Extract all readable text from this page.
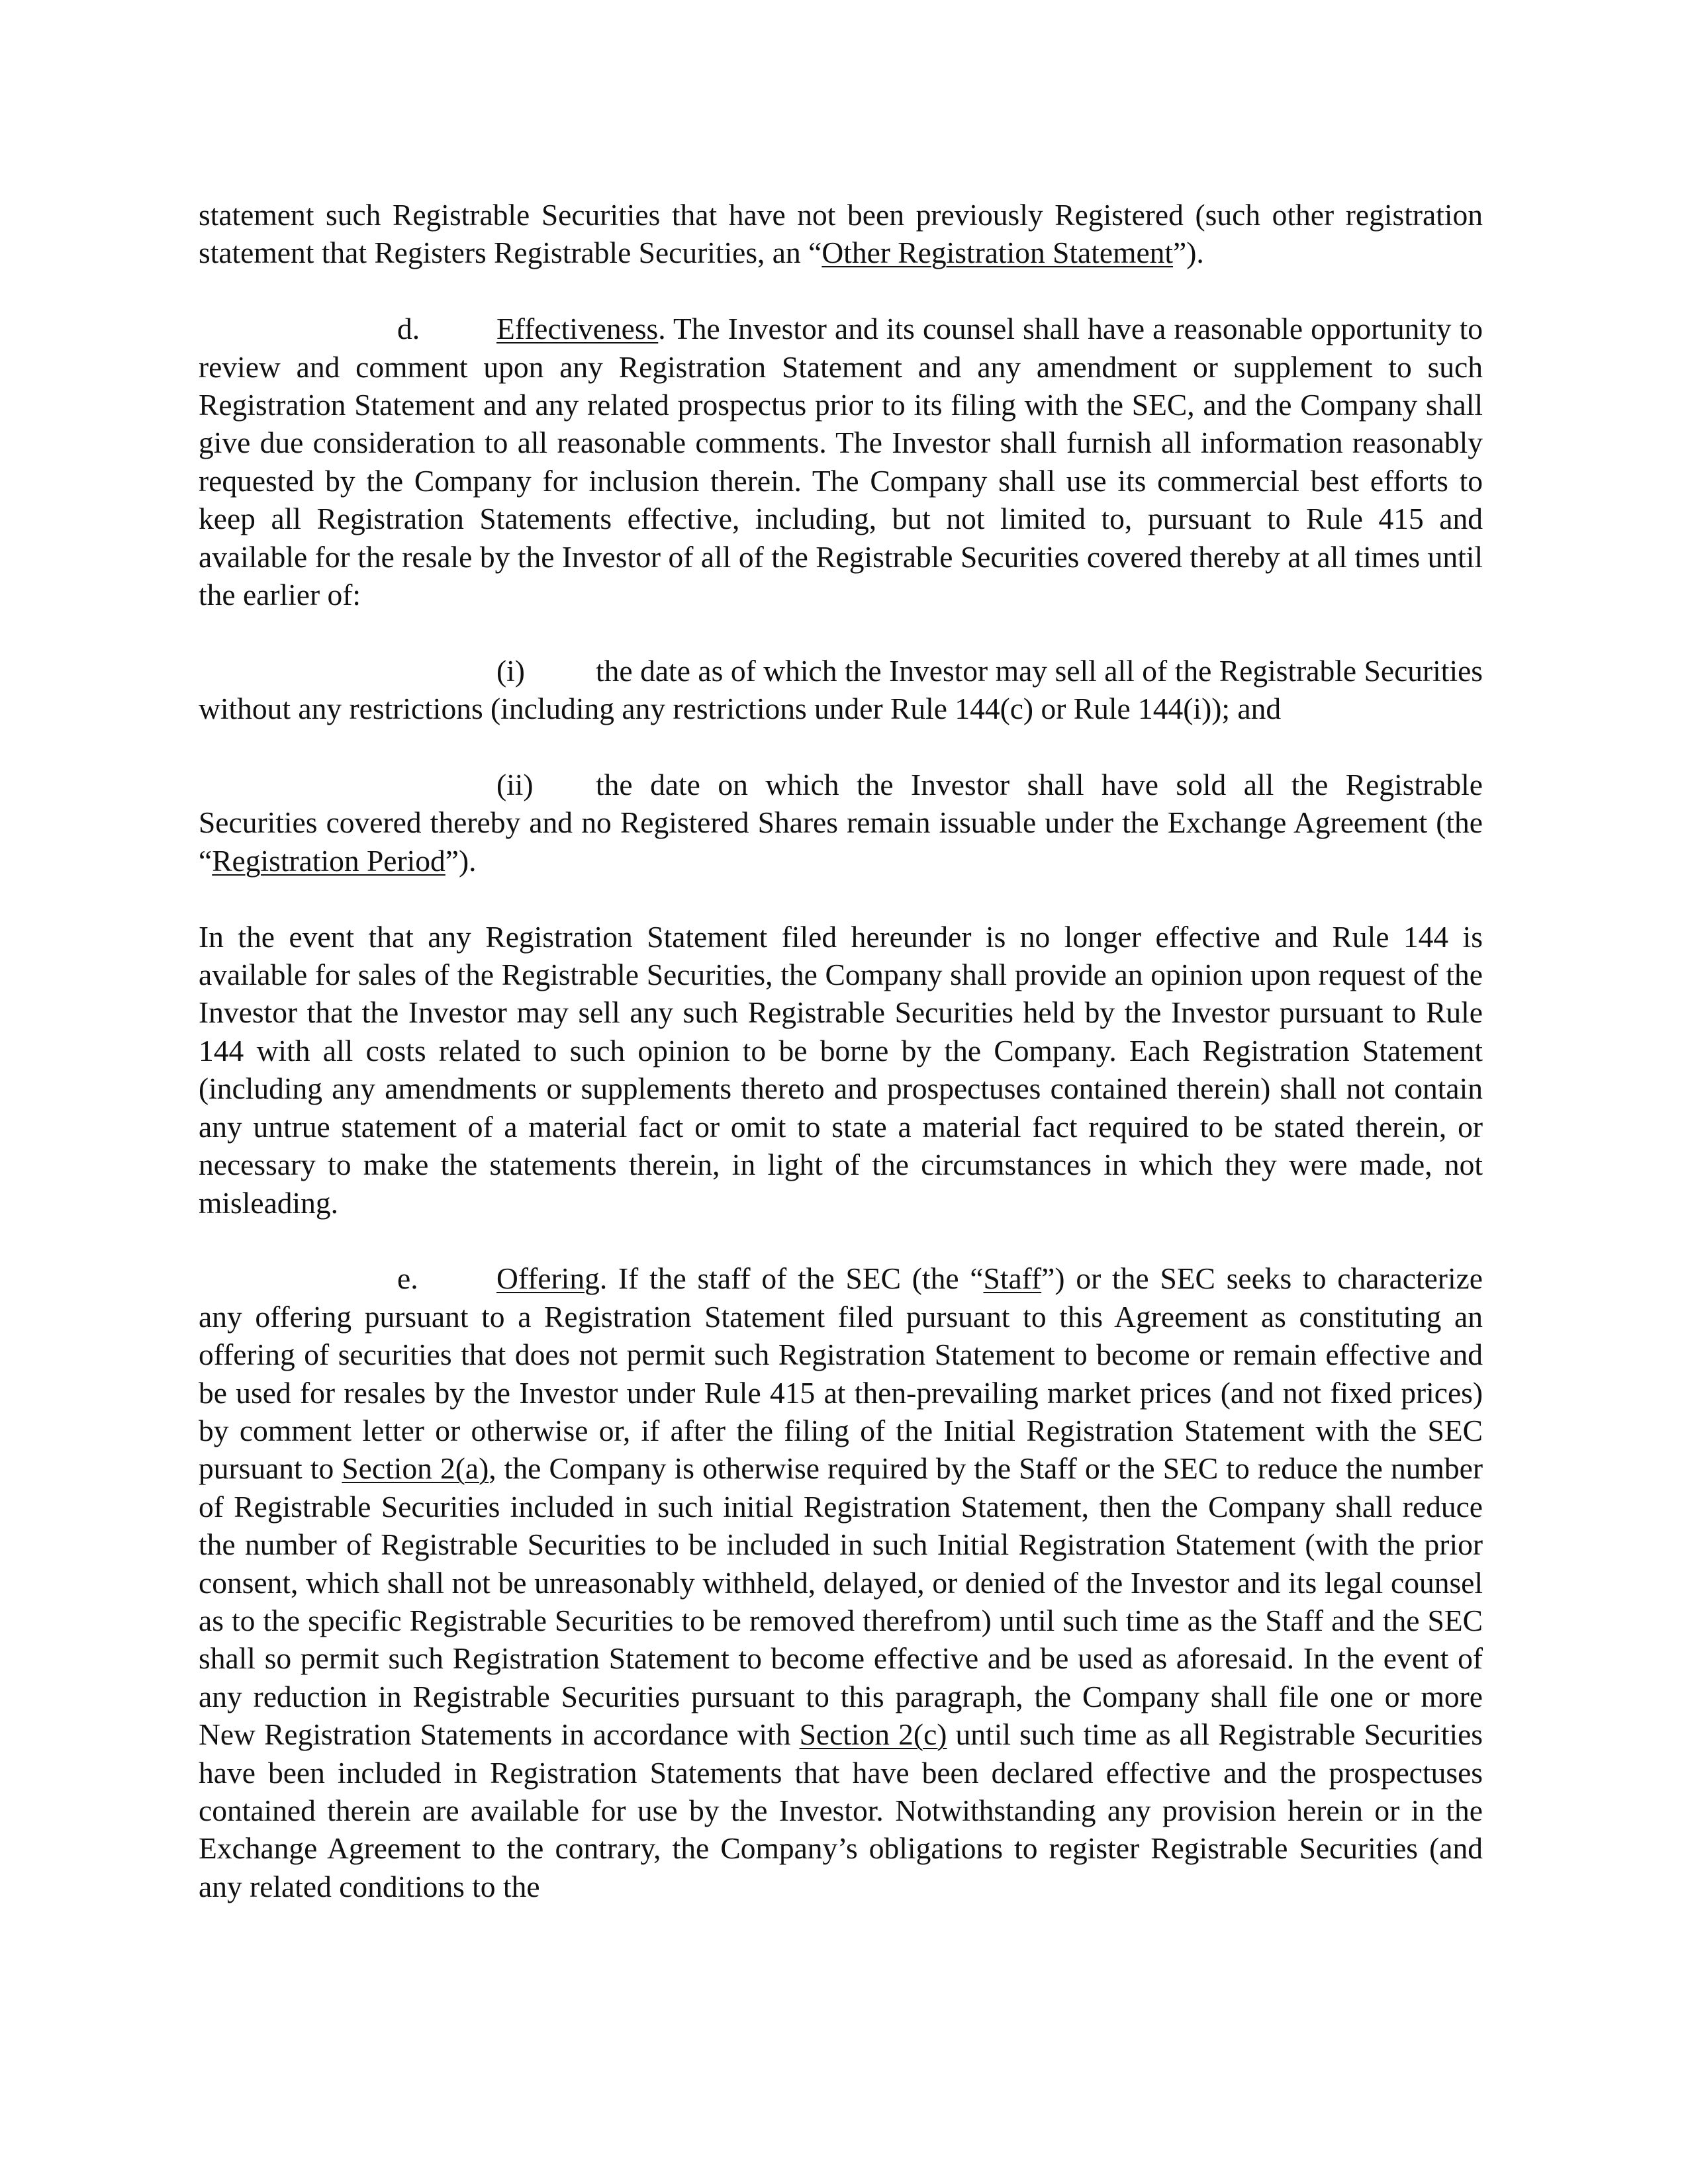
statement such Registrable Securities that have not been previously Registered (such other registration statement that Registers Registrable Securities, an “Other Registration Statement”).

d.	Effectiveness. The Investor and its counsel shall have a reasonable opportunity to review and comment upon any Registration Statement and any amendment or supplement to such Registration Statement and any related prospectus prior to its filing with the SEC, and the Company shall give due consideration to all reasonable comments. The Investor shall furnish all information reasonably requested by the Company for inclusion therein. The Company shall use its commercial best efforts to keep all Registration Statements effective, including, but not limited to, pursuant to Rule 415 and available for the resale by the Investor of all of the Registrable Securities covered thereby at all times until the earlier of:

(i) the date as of which the Investor may sell all of the Registrable Securities without any restrictions (including any restrictions under Rule 144(c) or Rule 144(i)); and

(ii) the date on which the Investor shall have sold all the Registrable Securities covered thereby and no Registered Shares remain issuable under the Exchange Agreement (the “Registration Period”).

In the event that any Registration Statement filed hereunder is no longer effective and Rule 144 is available for sales of the Registrable Securities, the Company shall provide an opinion upon request of the Investor that the Investor may sell any such Registrable Securities held by the Investor pursuant to Rule 144 with all costs related to such opinion to be borne by the Company. Each Registration Statement (including any amendments or supplements thereto and prospectuses contained therein) shall not contain any untrue statement of a material fact or omit to state a material fact required to be stated therein, or necessary to make the statements therein, in light of the circumstances in which they were made, not misleading.

e.	Offering. If the staff of the SEC (the “Staff”) or the SEC seeks to characterize any offering pursuant to a Registration Statement filed pursuant to this Agreement as constituting an offering of securities that does not permit such Registration Statement to become or remain effective and be used for resales by the Investor under Rule 415 at then-prevailing market prices (and not fixed prices) by comment letter or otherwise or, if after the filing of the Initial Registration Statement with the SEC pursuant to Section 2(a), the Company is otherwise required by the Staff or the SEC to reduce the number of Registrable Securities included in such initial Registration Statement, then the Company shall reduce the number of Registrable Securities to be included in such Initial Registration Statement (with the prior consent, which shall not be unreasonably withheld, delayed, or denied of the Investor and its legal counsel as to the specific Registrable Securities to be removed therefrom) until such time as the Staff and the SEC shall so permit such Registration Statement to become effective and be used as aforesaid. In the event of any reduction in Registrable Securities pursuant to this paragraph, the Company shall file one or more New Registration Statements in accordance with Section 2(c) until such time as all Registrable Securities have been included in Registration Statements that have been declared effective and the prospectuses contained therein are available for use by the Investor. Notwithstanding any provision herein or in the Exchange Agreement to the contrary, the Company’s obligations to register Registrable Securities (and any related conditions to the
